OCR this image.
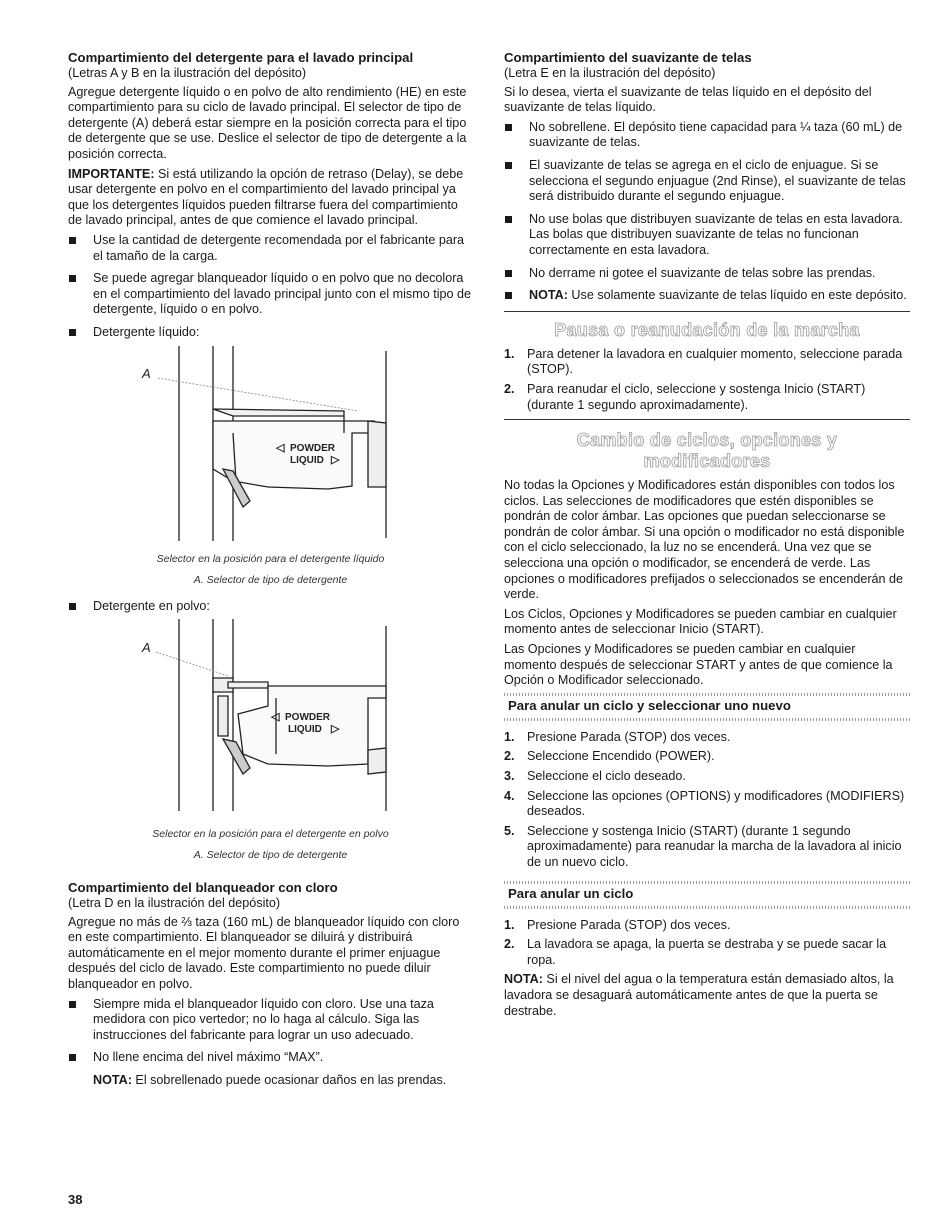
Compartimiento del detergente para el lavado principal

(Letras A y B en la ilustración del depósito)

Agregue detergente líquido o en polvo de alto rendimiento (HE) en este compartimiento para su ciclo de lavado principal. El selector de tipo de detergente (A) deberá estar siempre en la posición correcta para el tipo de detergente que se use. Deslice el selector de tipo de detergente a la posición correcta.

IMPORTANTE: Si está utilizando la opción de retraso (Delay), se debe usar detergente en polvo en el compartimiento del lavado principal ya que los detergentes líquidos pueden filtrarse fuera del compartimiento de lavado principal, antes de que comience el lavado principal.

Use la cantidad de detergente recomendada por el fabricante para el tamaño de la carga.
Se puede agregar blanqueador líquido o en polvo que no decolora en el compartimiento del lavado principal junto con el mismo tipo de detergente, líquido o en polvo.
Detergente líquido:
A
◁ POWDER
LIQUID ▷
Selector en la posición para el detergente líquido
A. Selector de tipo de detergente
Detergente en polvo:
A
◁ POWDER
LIQUID ▷
Selector en la posición para el detergente en polvo
A. Selector de tipo de detergente
Compartimiento del blanqueador con cloro

(Letra D en la ilustración del depósito)

Agregue no más de ⅔ taza (160 mL) de blanqueador líquido con cloro en este compartimiento. El blanqueador se diluirá y distribuirá automáticamente en el mejor momento durante el primer enjuague después del ciclo de lavado. Este compartimiento no puede diluir blanqueador en polvo.

Siempre mida el blanqueador líquido con cloro. Use una taza medidora con pico vertedor; no lo haga al cálculo. Siga las instrucciones del fabricante para lograr un uso adecuado.
No llene encima del nivel máximo “MAX”.

NOTA: El sobrellenado puede ocasionar daños en las prendas.

Compartimiento del suavizante de telas

(Letra E en la ilustración del depósito)

Si lo desea, vierta el suavizante de telas líquido en el depósito del suavizante de telas líquido.

No sobrellene. El depósito tiene capacidad para ¼ taza (60 mL) de suavizante de telas.
El suavizante de telas se agrega en el ciclo de enjuague. Si se selecciona el segundo enjuague (2nd Rinse), el suavizante de telas será distribuido durante el segundo enjuague.
No use bolas que distribuyen suavizante de telas en esta lavadora. Las bolas que distribuyen suavizante de telas no funcionan correctamente en esta lavadora.
No derrame ni gotee el suavizante de telas sobre las prendas.
NOTA: Use solamente suavizante de telas líquido en este depósito.
Pausa o reanudación de la marcha
1. Para detener la lavadora en cualquier momento, seleccione parada (STOP).
2. Para reanudar el ciclo, seleccione y sostenga Inicio (START) (durante 1 segundo aproximadamente).
Cambio de ciclos, opciones y
modificadores

No todas la Opciones y Modificadores están disponibles con todos los ciclos. Las selecciones de modificadores que estén disponibles se pondrán de color ámbar. Las opciones que puedan seleccionarse se pondrán de color ámbar. Si una opción o modificador no está disponible con el ciclo seleccionado, la luz no se encenderá. Una vez que se selecciona una opción o modificador, se encenderá de verde. Las opciones o modificadores prefijados o seleccionados se encenderán de verde.

Los Ciclos, Opciones y Modificadores se pueden cambiar en cualquier momento antes de seleccionar Inicio (START).

Las Opciones y Modificadores se pueden cambiar en cualquier momento después de seleccionar START y antes de que comience la Opción o Modificador seleccionado.

Para anular un ciclo y seleccionar uno nuevo
1. Presione Parada (STOP) dos veces.
2. Seleccione Encendido (POWER).
3. Seleccione el ciclo deseado.
4. Seleccione las opciones (OPTIONS) y modificadores (MODIFIERS) deseados.
5. Seleccione y sostenga Inicio (START) (durante 1 segundo aproximadamente) para reanudar la marcha de la lavadora al inicio de un nuevo ciclo.
Para anular un ciclo
1. Presione Parada (STOP) dos veces.
2. La lavadora se apaga, la puerta se destraba y se puede sacar la ropa.

NOTA: Si el nivel del agua o la temperatura están demasiado altos, la lavadora se desaguará automáticamente antes de que la puerta se destrabe.

38
